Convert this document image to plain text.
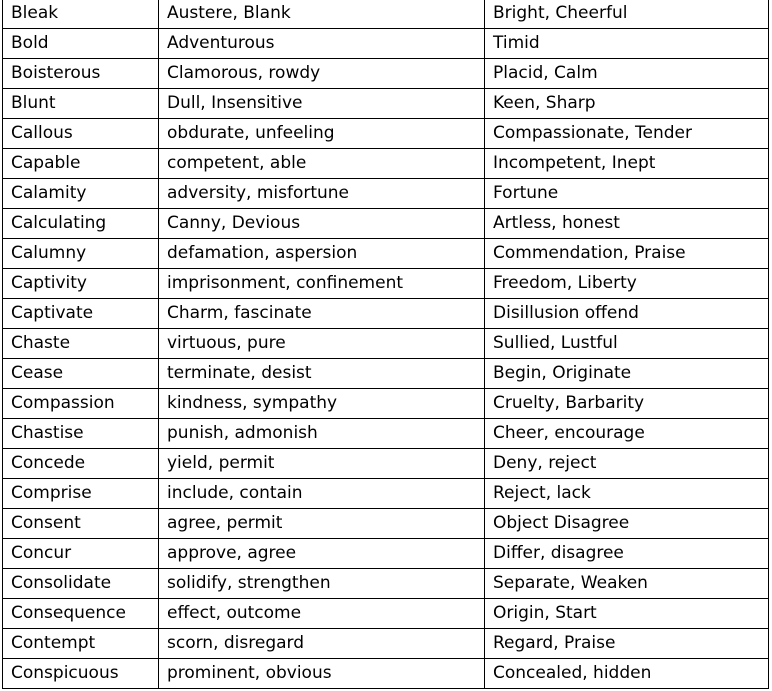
Bleak	Austere, Blank	Bright, Cheerful
Bold	Adventurous	Timid
Boisterous	Clamorous, rowdy	Placid, Calm
Blunt	Dull, Insensitive	Keen, Sharp
Callous	obdurate, unfeeling	Compassionate, Tender
Capable	competent, able	Incompetent, Inept
Calamity	adversity, misfortune	Fortune
Calculating	Canny, Devious	Artless, honest
Calumny	defamation, aspersion	Commendation, Praise
Captivity	imprisonment, confinement	Freedom, Liberty
Captivate	Charm, fascinate	Disillusion offend
Chaste	virtuous, pure	Sullied, Lustful
Cease	terminate, desist	Begin, Originate
Compassion	kindness, sympathy	Cruelty, Barbarity
Chastise	punish, admonish	Cheer, encourage
Concede	yield, permit	Deny, reject
Comprise	include, contain	Reject, lack
Consent	agree, permit	Object Disagree
Concur	approve, agree	Differ, disagree
Consolidate	solidify, strengthen	Separate, Weaken
Consequence	effect, outcome	Origin, Start
Contempt	scorn, disregard	Regard, Praise
Conspicuous	prominent, obvious	Concealed, hidden
